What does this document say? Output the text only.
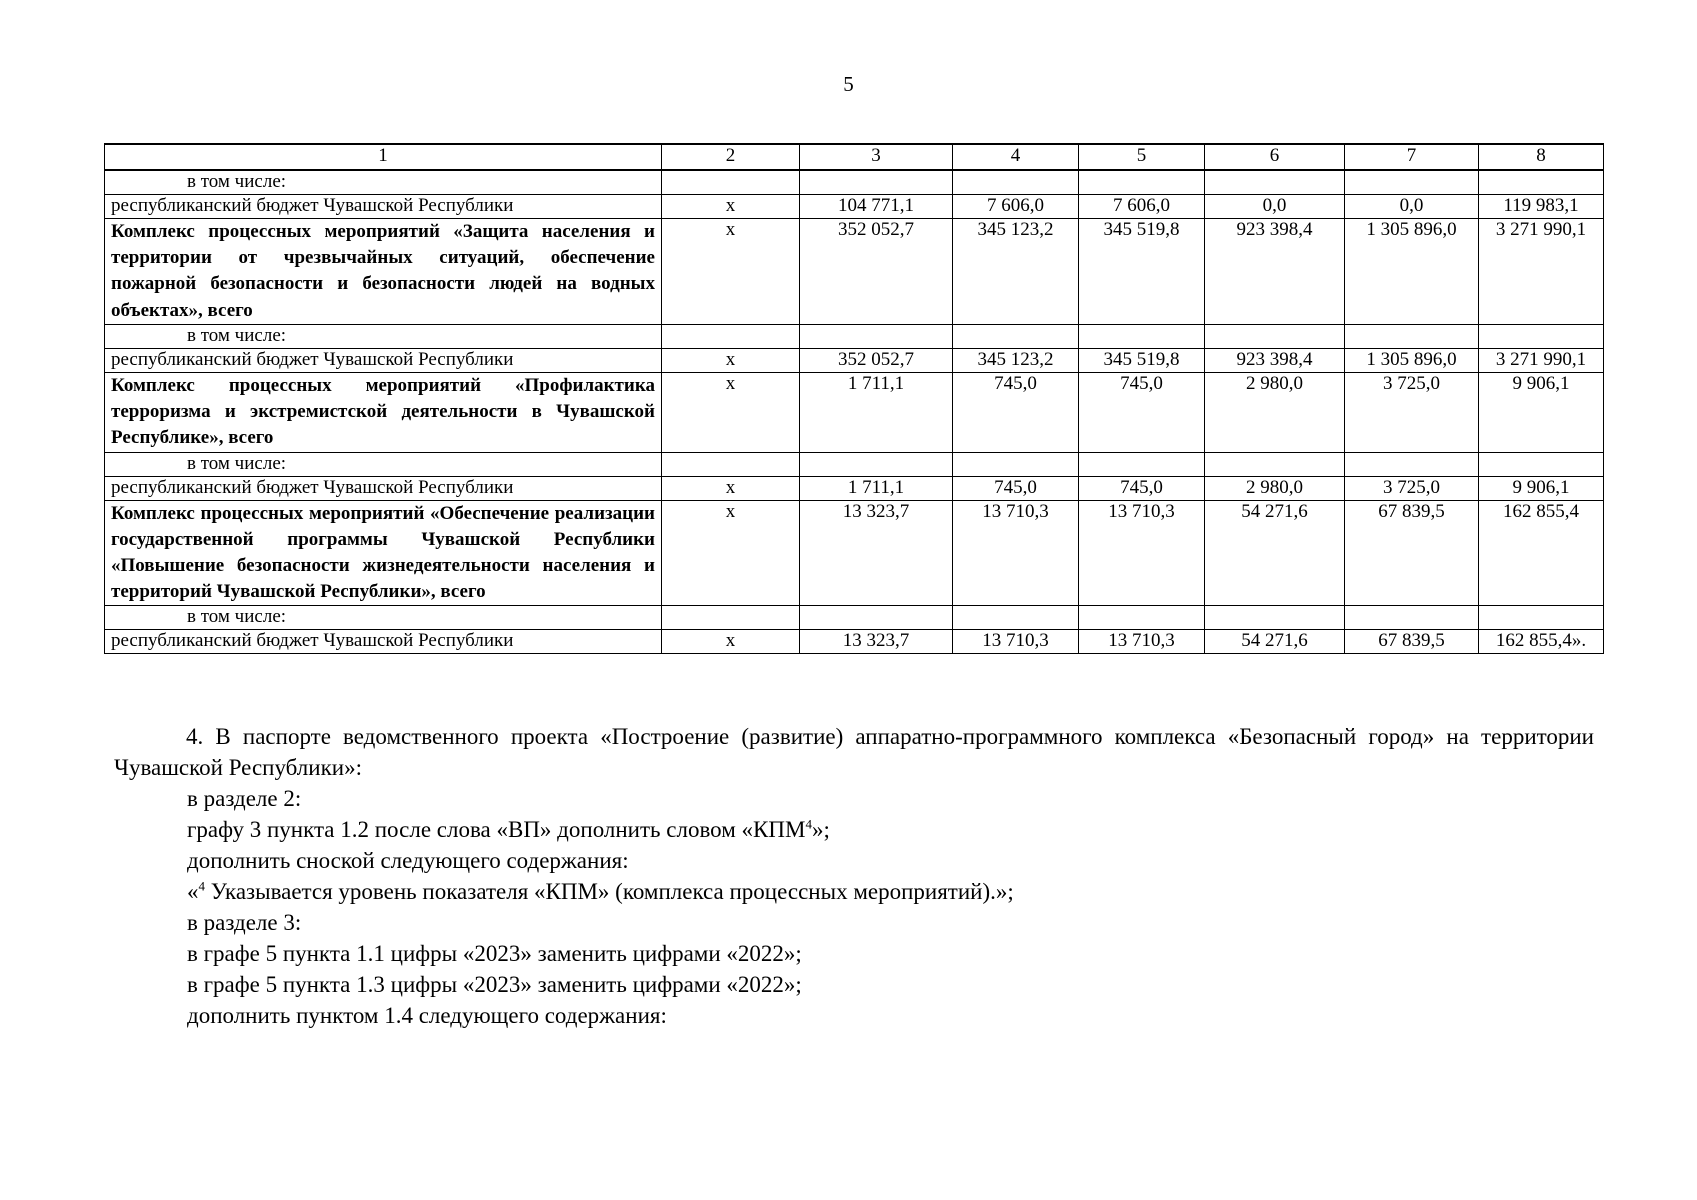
5
1	2	3	4	5	6	7	8
в том числе:							
республиканский бюджет Чувашской Республики	х	104 771,1	7 606,0	7 606,0	0,0	0,0	119 983,1
Комплекс процессных мероприятий «Защита населения и территории от чрезвычайных ситуаций, обеспечение пожарной безопасности и безопасности людей на водных объектах», всего	х	352 052,7	345 123,2	345 519,8	923 398,4	1 305 896,0	3 271 990,1
в том числе:							
республиканский бюджет Чувашской Республики	х	352 052,7	345 123,2	345 519,8	923 398,4	1 305 896,0	3 271 990,1
Комплекс процессных мероприятий «Профилактика терроризма и экстремистской деятельности в Чувашской Республике», всего	х	1 711,1	745,0	745,0	2 980,0	3 725,0	9 906,1
в том числе:							
республиканский бюджет Чувашской Республики	х	1 711,1	745,0	745,0	2 980,0	3 725,0	9 906,1
Комплекс процессных мероприятий «Обеспечение реализации государственной программы Чувашской Республики «Повышение безопасности жизнедеятельности населения и территорий Чувашской Республики», всего	х	13 323,7	13 710,3	13 710,3	54 271,6	67 839,5	162 855,4
в том числе:							
республиканский бюджет Чувашской Республики	х	13 323,7	13 710,3	13 710,3	54 271,6	67 839,5	162 855,4».

4. В паспорте ведомственного проекта «Построение (развитие) аппаратно-программного комплекса «Безопасный город» на территории Чувашской Республики»:

в разделе 2:

графу 3 пункта 1.2 после слова «ВП» дополнить словом «КПМ$^4$»;

дополнить сноской следующего содержания:

«$^4$ Указывается уровень показателя «КПМ» (комплекса процессных мероприятий).»;

в разделе 3:

в графе 5 пункта 1.1 цифры «2023» заменить цифрами «2022»;

в графе 5 пункта 1.3 цифры «2023» заменить цифрами «2022»;

дополнить пунктом 1.4 следующего содержания:
